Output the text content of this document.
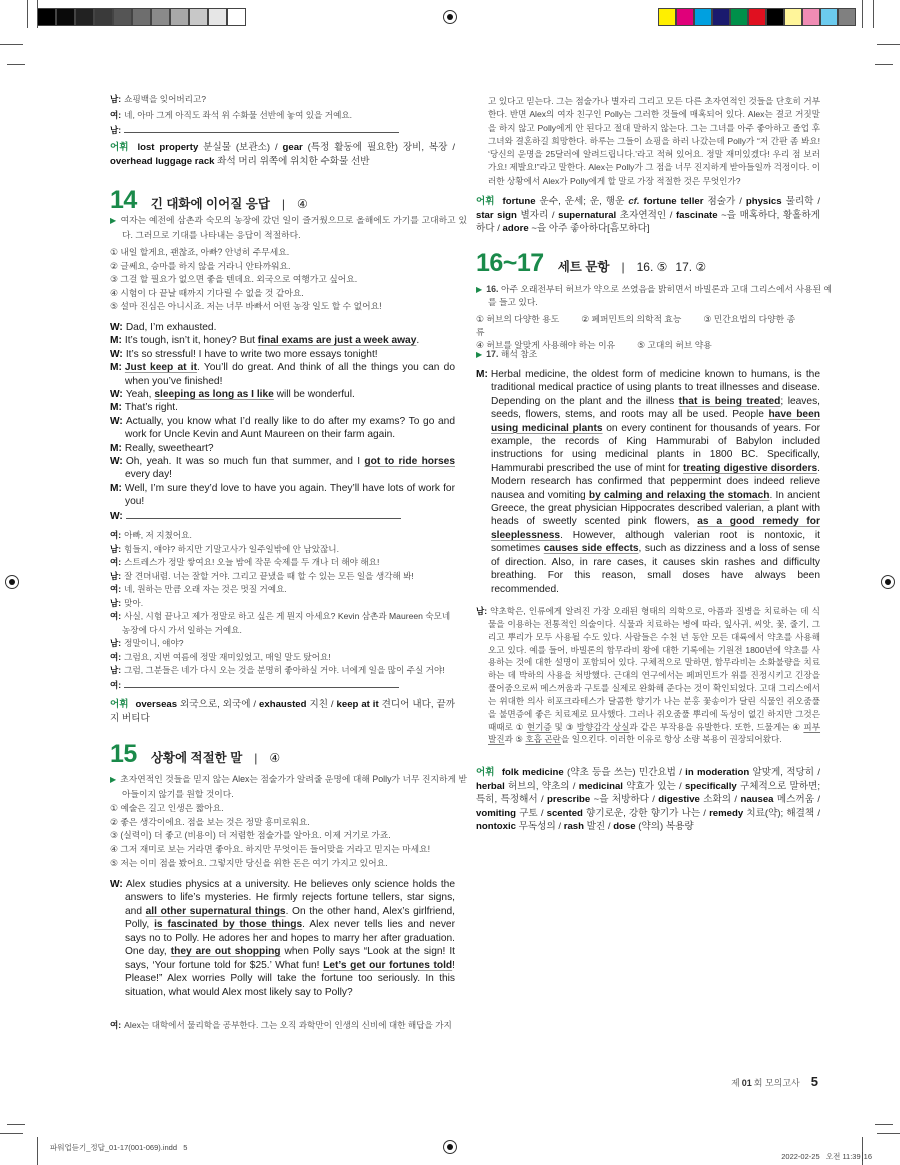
남: 쇼핑백을 잊어버리고?
여: 네, 아마 그게 아직도 좌석 위 수화물 선반에 놓여 있을 거예요.
남:
어휘 lost property 분실물 (보관소) / gear (특정 활동에 필요한) 장비, 복장 / overhead luggage rack 좌석 머리 위쪽에 위치한 수화물 선반
14 긴 대화에 이어질 응답 | ④
▶ 여자는 예전에 삼촌과 숙모의 농장에 갔던 일이 즐거웠으므로 올해에도 가기를 고대하고 있다. 그러므로 기대를 나타내는 응답이 적절하다.
① 내일 할게요, 괜찮죠, 아빠? 안녕히 주무세요.
② 글쎄요, 승마를 하지 않을 거라니 안타까워요.
③ 그걸 할 필요가 없으면 좋을 텐데요. 외국으로 여행가고 싶어요.
④ 시험이 다 끝날 때까지 기다릴 수 없을 것 같아요.
⑤ 설마 진심은 아니시죠. 저는 너무 바빠서 어떤 농장 일도 할 수 없어요!
W: Dad, I’m exhausted.
M: It’s tough, isn’t it, honey? But final exams are just a week away.
W: It’s so stressful! I have to write two more essays tonight!
M: Just keep at it. You’ll do great. And think of all the things you can do when you’ve finished!
W: Yeah, sleeping as long as I like will be wonderful.
M: That’s right.
W: Actually, you know what I’d really like to do after my exams? To go and work for Uncle Kevin and Aunt Maureen on their farm again.
M: Really, sweetheart?
W: Oh, yeah. It was so much fun that summer, and I got to ride horses every day!
M: Well, I’m sure they’d love to have you again. They’ll have lots of work for you!
W:
여: 아빠, 저 지쳤어요.
남: 힘들지, 얘야? 하지만 기말고사가 일주일밖에 안 남았잖니.
여: 스트레스가 정말 쌓여요! 오늘 밤에 작문 숙제를 두 개나 더 해야 해요!
남: 잘 견뎌내렴. 너는 잘할 거야. 그리고 끝냈을 때 할 수 있는 모든 일을 생각해 봐!
여: 네, 원하는 만큼 오래 자는 것은 멋질 거예요.
남: 맞아.
여: 사실, 시험 끝나고 제가 정말로 하고 싶은 게 뭔지 아세요? Kevin 삼촌과 Maureen 숙모네 농장에 다시 가서 일하는 거예요.
남: 정말이니, 얘야?
여: 그럼요, 지번 여름에 정말 재미있었고, 매일 말도 탔어요!
남: 그럼, 그분들은 네가 다시 오는 것을 분명히 좋아하실 거야. 너에게 일을 많이 주실 거야!
여:
어휘 overseas 외국으로, 외국에 / exhausted 지친 / keep at it 견디어 내다, 끝까지 버티다
15 상황에 적절한 말 | ④
▶ 초자연적인 것들을 믿지 않는 Alex는 점술가가 알려줄 운명에 대해 Polly가 너무 진지하게 받아들이지 않기를 원할 것이다.
① 예술은 길고 인생은 짧아요.
② 좋은 생각이에요. 점을 보는 것은 정말 흥미로워요.
③ (실력이) 더 좋고 (비용이) 더 저렴한 점술가를 알아요. 이제 거기로 가죠.
④ 그저 재미로 보는 거라면 좋아요. 하지만 무엇이든 들어맞을 거라고 믿지는 마세요!
⑤ 저는 이미 점을 봤어요. 그렇지만 당신을 위한 돈은 여기 가지고 있어요.
W: Alex studies physics at a university. He believes only science holds the answers to life’s mysteries. He firmly rejects fortune tellers, star signs, and all other supernatural things. On the other hand, Alex’s girlfriend, Polly, is fascinated by those things. Alex never tells lies and never says no to Polly. He adores her and hopes to marry her after graduation. One day, they are out shopping when Polly says “Look at the sign! It says, ‘Your fortune told for $25.’ What fun! Let’s get our fortunes told! Please!” Alex worries Polly will take the fortune too seriously. In this situation, what would Alex most likely say to Polly?
여: Alex는 대학에서 물리학을 공부한다. 그는 오직 과학만이 인생의 신비에 대한 해답을 가지
고 있다고 믿는다. 그는 점술가나 별자리 그리고 모든 다른 초자연적인 것들을 단호히 거부한다. 반면 Alex의 여자 친구인 Polly는 그러한 것들에 매혹되어 있다. Alex는 결코 거짓말을 하지 않고 Polly에게 안 된다고 절대 말하지 않는다. 그는 그녀를 아주 좋아하고 졸업 후 그녀와 결혼하길 희망한다. 하루는 그들이 쇼핑을 하러 나갔는데 Polly가 “저 간판 좀 봐요! ‘당신의 운명을 25달러에 알려드립니다.’라고 적혀 있어요. 정말 재미있겠다! 우리 점 보러 가요! 제발요!”라고 말한다. Alex는 Polly가 그 점을 너무 진지하게 받아들일까 걱정이다. 이러한 상황에서 Alex가 Polly에게 할 말로 가장 적절한 것은 무엇인가?
어휘 fortune 운수, 운세; 운, 행운 cf. fortune teller 점술가 / physics 물리학 / star sign 별자리 / supernatural 초자연적인 / fascinate ~을 매혹하다, 황홀하게 하다 / adore ~을 아주 좋아하다[흠모하다]
16~17 세트 문항 | 16. ⑤ 17. ②
▶ 16. 아주 오래전부터 허브가 약으로 쓰였음을 밝히면서 바빌론과 고대 그리스에서 사용된 예를 들고 있다.
① 허브의 다양한 용도	② 페퍼민트의 의학적 효능	③ 민간요법의 다양한 종류
④ 허브를 알맞게 사용해야 하는 이유	⑤ 고대의 허브 약용
▶ 17. 해석 참조
M: Herbal medicine, the oldest form of medicine known to humans, is the traditional medical practice of using plants to treat illnesses and disease. Depending on the plant and the illness that is being treated; leaves, seeds, flowers, stems, and roots may all be used. People have been using medicinal plants on every continent for thousands of years. For example, the records of King Hammurabi of Babylon included instructions for using medicinal plants in 1800 BC. Specifically, Hammurabi prescribed the use of mint for treating digestive disorders. Modern research has confirmed that peppermint does indeed relieve nausea and vomiting by calming and relaxing the stomach. In ancient Greece, the great physician Hippocrates described valerian, a plant with heads of sweetly scented pink flowers, as a good remedy for sleeplessness. However, although valerian root is nontoxic, it sometimes causes side effects, such as dizziness and a loss of sense of direction. Also, in rare cases, it causes skin rashes and difficulty breathing. For this reason, small doses have always been recommended.
남: 약초학은, 인류에게 알려진 가장 오래된 형태의 의학으로, 아픔과 질병을 치료하는 데 식물을 이용하는 전통적인 의술이다. 식물과 치료하는 병에 따라, 잎사귀, 씨앗, 꽃, 줄기, 그리고 뿌리가 모두 사용될 수도 있다. 사람들은 수천 년 동안 모든 대륙에서 약초를 사용해오고 있다. 예를 들어, 바빌론의 함무라비 왕에 대한 기록에는 기원전 1800년에 약초를 사용하는 것에 대한 설명이 포함되어 있다. 구체적으로 말하면, 함무라비는 소화불량을 치료하는 데 박하의 사용을 처방했다. 근대의 연구에서는 페퍼민트가 위를 진정시키고 긴장을 풀어줌으로써 메스꺼움과 구토를 실제로 완화해 준다는 것이 확인되었다. 고대 그리스에서는 위대한 의사 히포크라테스가 달콤한 향기가 나는 분홍 꽃송이가 달린 식물인 쥐오줌풀을 불면증에 좋은 치료제로 묘사했다. 그러나 쥐오줌풀 뿌리에 독성이 없긴 하지만 그것은 때때로 ① 현기증 및 ③ 방향감각 상실과 같은 부작용을 유발한다. 또한, 드물게는 ④ 피부 발진과 ⑤ 호흡 곤란을 일으킨다. 이러한 이유로 항상 소량 복용이 권장되어왔다.
어휘 folk medicine (약초 등을 쓰는) 민간요법 / in moderation 알맞게, 적당히 / herbal 허브의, 약초의 / medicinal 약효가 있는 / specifically 구체적으로 말하면; 특히, 특정해서 / prescribe ~을 처방하다 / digestive 소화의 / nausea 메스꺼움 / vomiting 구토 / scented 향기로운, 강한 향기가 나는 / remedy 치료(약); 해결책 / nontoxic 무독성의 / rash 발진 / dose (약의) 복용량
제 01 회 모의고사 5
파워업듣기_정답_01-17(001-069).indd   5

2022-02-25   오전 11:39 16
